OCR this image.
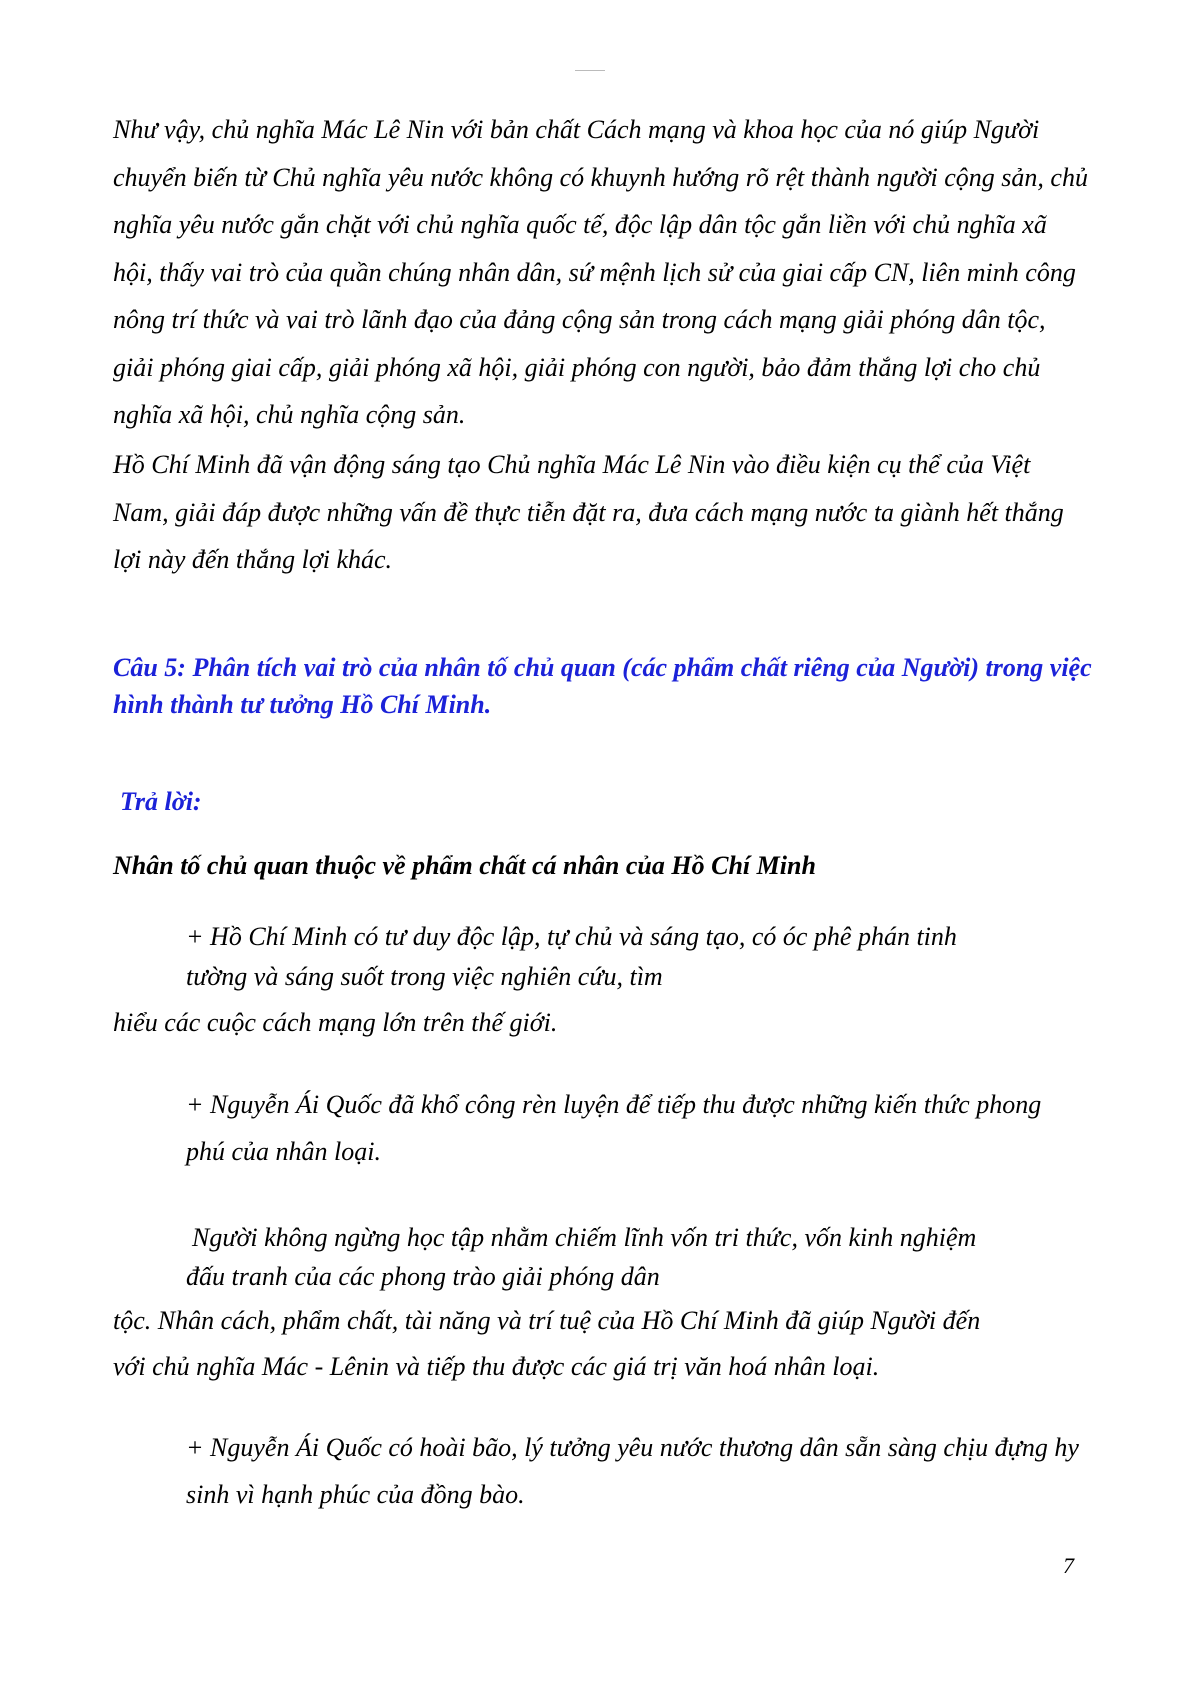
Như vậy, chủ nghĩa Mác Lê Nin với bản chất Cách mạng và khoa học của nó giúp Người chuyển biến từ Chủ nghĩa yêu nước không có khuynh hướng rõ rệt thành người cộng sản, chủ nghĩa yêu nước gắn chặt với chủ nghĩa quốc tế, độc lập dân tộc gắn liền với chủ nghĩa xã hội, thấy vai trò của quần chúng nhân dân, sứ mệnh lịch sử của giai cấp CN, liên minh công nông trí thức và vai trò lãnh đạo của đảng cộng sản trong cách mạng giải phóng dân tộc, giải phóng giai cấp, giải phóng xã hội, giải phóng con người, bảo đảm thắng lợi cho chủ nghĩa xã hội, chủ nghĩa cộng sản.

Hồ Chí Minh đã vận động sáng tạo Chủ nghĩa Mác Lê Nin vào điều kiện cụ thể của Việt Nam, giải đáp được những vấn đề thực tiễn đặt ra, đưa cách mạng nước ta giành hết thắng lợi này đến thắng lợi khác.

Câu 5: Phân tích vai trò của nhân tố chủ quan (các phẩm chất riêng của Người) trong việc hình thành tư tưởng Hồ Chí Minh.

Trả lời:

Nhân tố chủ quan thuộc về phẩm chất cá nhân của Hồ Chí Minh

+ Hồ Chí Minh có tư duy độc lập, tự chủ và sáng tạo, có óc phê phán tinh

tường và sáng suốt trong việc nghiên cứu, tìm

hiểu các cuộc cách mạng lớn trên thế giới.

+ Nguyễn Ái Quốc đã khổ công rèn luyện để tiếp thu được những kiến thức phong phú của nhân loại.

Người không ngừng học tập nhằm chiếm lĩnh vốn tri thức, vốn kinh nghiệm

đấu tranh của các phong trào giải phóng dân

tộc. Nhân cách, phẩm chất, tài năng và trí tuệ của Hồ Chí Minh đã giúp Người đến

với chủ nghĩa Mác - Lênin và tiếp thu được các giá trị văn hoá nhân loại.

+ Nguyễn Ái Quốc có hoài bão, lý tưởng yêu nước thương dân sẵn sàng chịu đựng hy sinh vì hạnh phúc của đồng bào.

7
